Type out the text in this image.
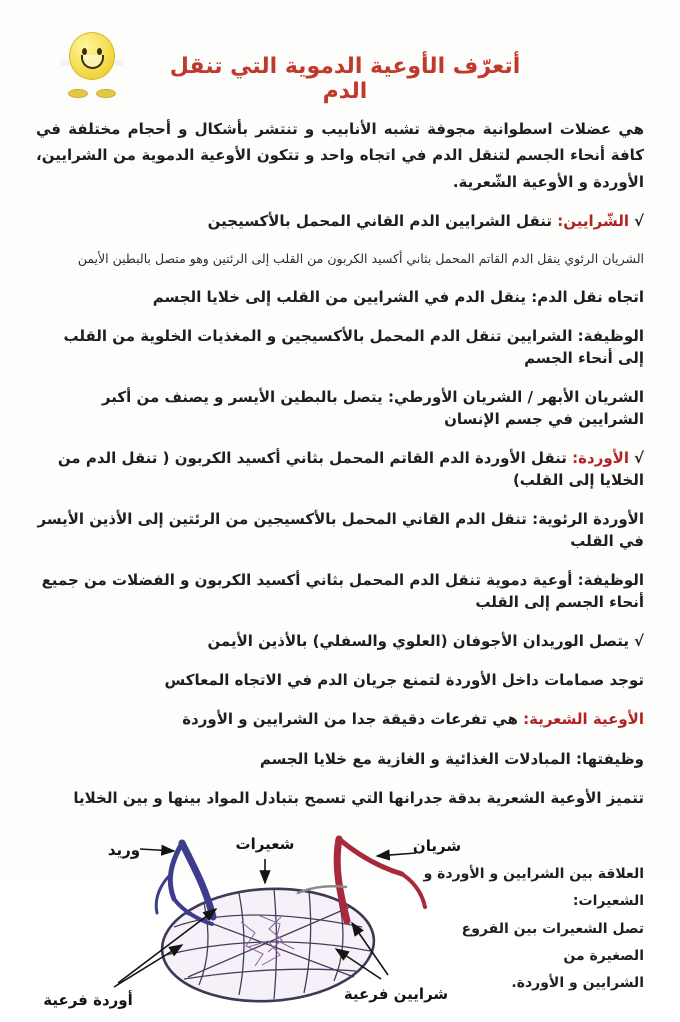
أتعرّف الأوعية الدموية التي تنقل الدم

هي عضلات اسطوانية مجوفة تشبه الأنابيب و تنتشر بأشكال و أحجام مختلفة في كافة أنحاء الجسم لتنقل الدم في اتجاه واحد و تتكون الأوعية الدموية من الشرايين، الأوردة و الأوعية الشّعرية.

√الشّرايين: تنقل الشرايين الدم القاني المحمل بالأكسيجين

الشريان الرئوي ينقل الدم القاتم المحمل بثاني أكسيد الكربون من القلب إلى الرئتين وهو متصل بالبطين الأيمن

اتجاه نقل الدم: ينقل الدم في الشرايين من القلب إلى خلايا الجسم

الوظيفة: الشرايين تنقل الدم المحمل بالأكسيجين و المغذيات الخلوية من القلب إلى أنحاء الجسم

الشريان الأبهر / الشريان الأورطي: يتصل بالبطين الأيسر و يصنف من أكبر الشرايين في جسم الإنسان

√الأوردة: تنقل الأوردة الدم القاتم المحمل بثاني أكسيد الكربون ( تنقل الدم من الخلايا إلى القلب)

الأوردة الرئوية: تنقل الدم القاني المحمل بالأكسيجين من الرئتين إلى الأذين الأيسر في القلب

الوظيفة: أوعية دموية تنقل الدم المحمل بثاني أكسيد الكربون و الفضلات من جميع أنحاء الجسم إلى القلب

√يتصل الوريدان الأجوفان (العلوي والسفلي) بالأذين الأيمن

توجد صمامات داخل الأوردة لتمنع جريان الدم في الاتجاه المعاكس

الأوعية الشعرية: هي تفرعات دقيقة جدا من الشرايين و الأوردة

وظيفتها: المبادلات الغذائية و الغازية مع خلايا الجسم

تتميز الأوعية الشعرية بدقة جدرانها التي تسمح بتبادل المواد بينها و بين الخلايا

وريد	شعيرات	شريان
أوردة فرعية	شرايين فرعية
العلاقة بين الشرايين و الأوردة و الشعيرات:
تصل الشعيرات بين الفروع الصغيرة من
الشرايين و الأوردة.
